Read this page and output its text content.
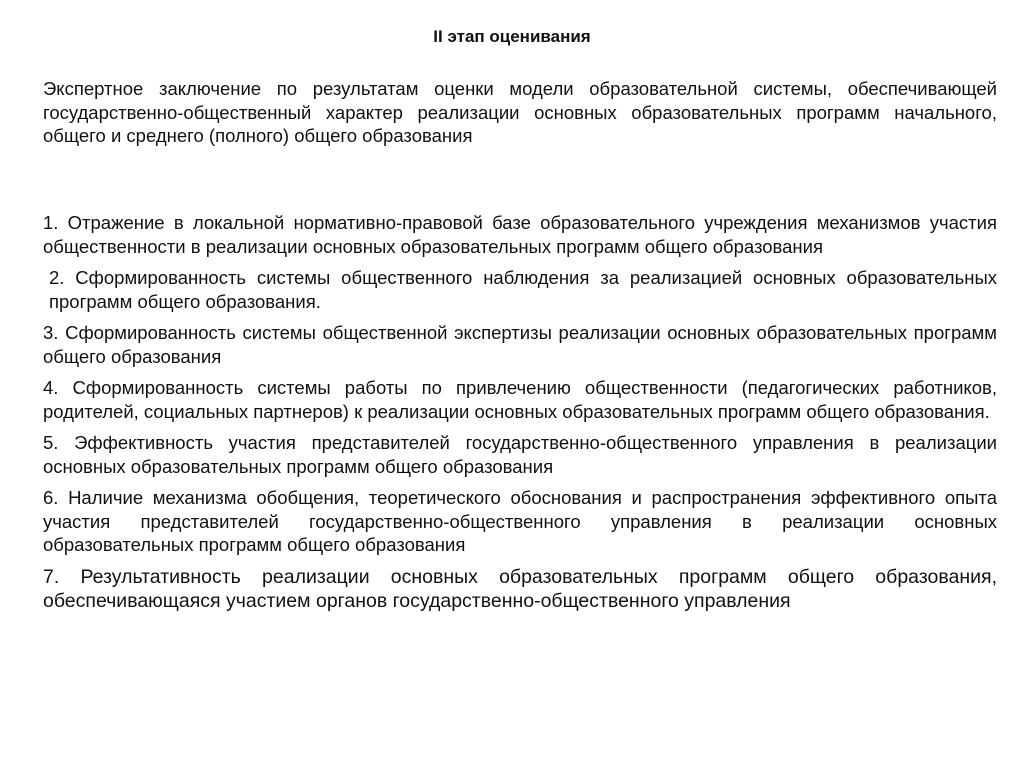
II этап оценивания
Экспертное заключение по результатам оценки модели образовательной системы, обеспечивающей государственно-общественный характер реализации основных образовательных программ начального, общего и среднего (полного) общего образования

1. Отражение в локальной нормативно-правовой базе образовательного учреждения механизмов участия общественности в реализации основных образовательных программ общего образования

2. Сформированность системы общественного наблюдения за реализацией основных образовательных программ общего образования.

3. Сформированность системы общественной экспертизы реализации основных образовательных программ общего образования

4. Сформированность системы работы по привлечению общественности (педагогических работников, родителей, социальных партнеров) к реализации основных образовательных программ общего образования.

5. Эффективность участия представителей государственно-общественного управления в реализации основных образовательных программ общего образования

6. Наличие механизма обобщения, теоретического обоснования и распространения эффективного опыта участия представителей государственно-общественного управления в реализации основных образовательных программ общего образования

7. Результативность реализации основных образовательных программ общего образования, обеспечивающаяся участием органов государственно-общественного управления
